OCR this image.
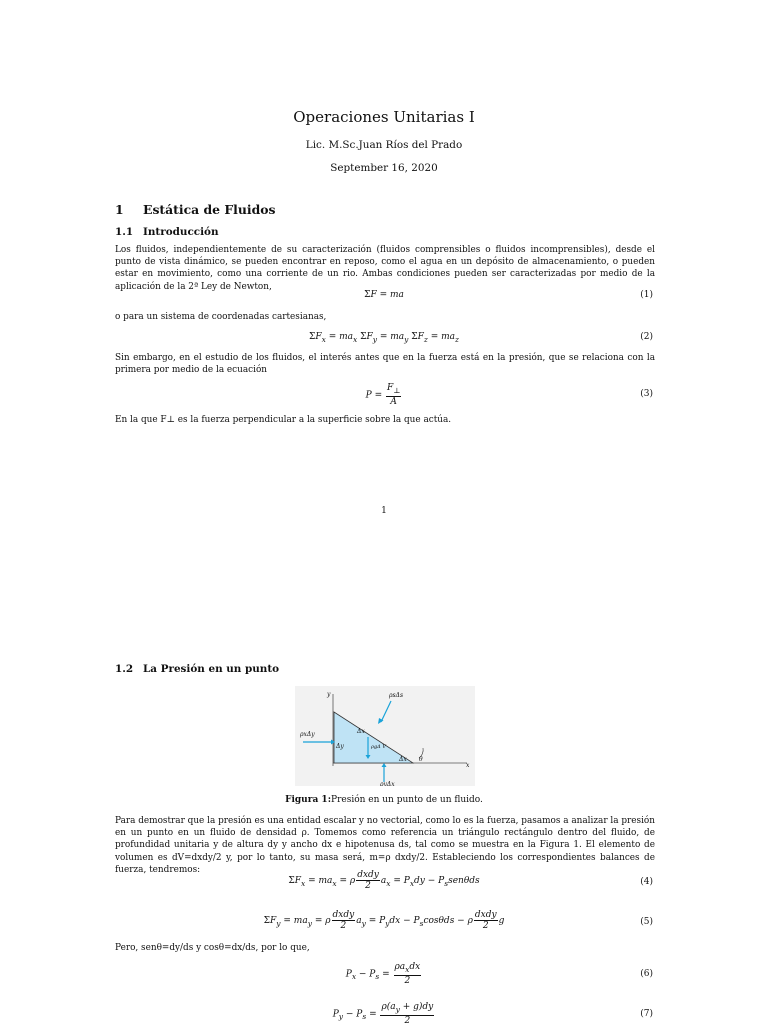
Operaciones Unitarias I
Lic. M.Sc.Juan Ríos del Prado
September 16, 2020
1 Estática de Fluidos
1.1 Introducción
Los fluidos, independientemente de su caracterización (fluidos comprensibles o fluidos incomprensibles), desde el punto de vista dinámico, se pueden encontrar en reposo, como el agua en un depósito de almacenamiento, o pueden estar en movimiento, como una corriente de un rio. Ambas condiciones pueden ser caracterizadas por medio de la aplicación de la 2ª Ley de Newton,
ΣF = ma	(1)
o para un sistema de coordenadas cartesianas,
$\Sigma F_x = ma_x$ $\Sigma F_y = ma_y$ $\Sigma F_z = ma_z$	(2)
Sin embargo, en el estudio de los fluidos, el interés antes que en la fuerza está en la presión, que se relaciona con la primera por medio de la ecuación
$P = \frac{F_\perp}{A}$	(3)
En la que F⊥ es la fuerza perpendicular a la superficie sobre la que actúa.
1
1.2 La Presión en un punto
y
x
ρsΔs
ρxΔy
ρyΔx
Δx
Δy	ρgΔ V
Δx θ
Figura 1:Presión en un punto de un fluido.
Para demostrar que la presión es una entidad escalar y no vectorial, como lo es la fuerza, pasamos a analizar la presión en un punto en un fluido de densidad ρ. Tomemos como referencia un triángulo rectángulo dentro del fluido, de profundidad unitaria y de altura dy y ancho dx e hipotenusa ds, tal como se muestra en la Figura 1. El elemento de volumen es dV=dxdy/2 y, por lo tanto, su masa será, m=ρ dxdy/2. Estableciendo los correspondientes balances de fuerza, tendremos:
$\Sigma F_x = ma_x = \rho \frac{\text{dxdy}}{2} a_x = P_xdy - P_ssen\theta ds$	(4)
$\Sigma F_y = ma_y = \rho \frac{\text{dxdy}}{2} a_y = P_ydx - P_s\cos\theta ds - \rho \frac{\text{dxdy}}{2}$ g	(5)
Pero, senθ=dy/ds y cosθ=dx/ds, por lo que,
$P_x - P_s = \frac{\rho a_xdx}{2}$	(6)
$P_y - P_s = \frac{\rho(a_y + g)dy}{2}$	(7)
